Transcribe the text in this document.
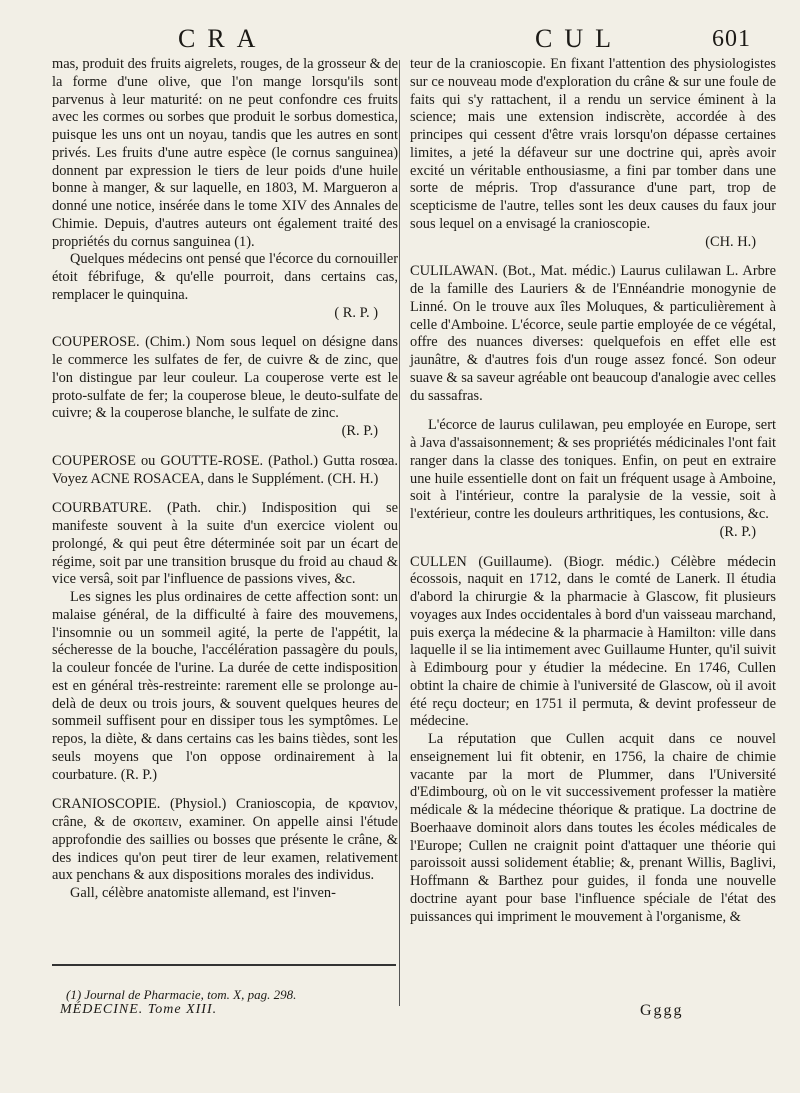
CRA	CUL	601

mas, produit des fruits aigrelets, rouges, de la grosseur & de la forme d'une olive, que l'on mange lorsqu'ils sont parvenus à leur maturité: on ne peut confondre ces fruits avec les cormes ou sorbes que produit le sorbus domestica, puisque les uns ont un noyau, tandis que les autres en sont privés. Les fruits d'une autre espèce (le cornus sanguinea) donnent par expression le tiers de leur poids d'une huile bonne à manger, & sur laquelle, en 1803, M. Margueron a donné une notice, insérée dans le tome XIV des Annales de Chimie. Depuis, d'autres auteurs ont également traité des propriétés du cornus sanguinea (1).

Quelques médecins ont pensé que l'écorce du cornouiller étoit fébrifuge, & qu'elle pourroit, dans certains cas, remplacer le quinquina.

( R. P. )

COUPEROSE. (Chim.) Nom sous lequel on désigne dans le commerce les sulfates de fer, de cuivre & de zinc, que l'on distingue par leur couleur. La couperose verte est le proto-sulfate de fer; la couperose bleue, le deuto-sulfate de cuivre; & la couperose blanche, le sulfate de zinc.

(R. P.)

COUPEROSE ou GOUTTE-ROSE. (Pathol.) Gutta rosœa. Voyez ACNE ROSACEA, dans le Supplément. (CH. H.)

COURBATURE. (Path. chir.) Indisposition qui se manifeste souvent à la suite d'un exercice violent ou prolongé, & qui peut être déterminée soit par un écart de régime, soit par une transition brusque du froid au chaud & vice versâ, soit par l'influence de passions vives, &c.

Les signes les plus ordinaires de cette affection sont: un malaise général, de la difficulté à faire des mouvemens, l'insomnie ou un sommeil agité, la perte de l'appétit, la sécheresse de la bouche, l'accélération passagère du pouls, la couleur foncée de l'urine. La durée de cette indisposition est en général très-restreinte: rarement elle se prolonge au-delà de deux ou trois jours, & souvent quelques heures de sommeil suffisent pour en dissiper tous les symptômes. Le repos, la diète, & dans certains cas les bains tièdes, sont les seuls moyens que l'on oppose ordinairement à la courbature. (R. P.)

CRANIOSCOPIE. (Physiol.) Cranioscopia, de κρανιον, crâne, & de σκοπειν, examiner. On appelle ainsi l'étude approfondie des saillies ou bosses que présente le crâne, & des indices qu'on peut tirer de leur examen, relativement aux penchans & aux dispositions morales des individus.

Gall, célèbre anatomiste allemand, est l'inven-

teur de la cranioscopie. En fixant l'attention des physiologistes sur ce nouveau mode d'exploration du crâne & sur une foule de faits qui s'y rattachent, il a rendu un service éminent à la science; mais une extension indiscrète, accordée à des principes qui cessent d'être vrais lorsqu'on dépasse certaines limites, a jeté la défaveur sur une doctrine qui, après avoir excité un véritable enthousiasme, a fini par tomber dans une sorte de mépris. Trop d'assurance d'une part, trop de scepticisme de l'autre, telles sont les deux causes du faux jour sous lequel on a envisagé la cranioscopie.

(CH. H.)

CULILAWAN. (Bot., Mat. médic.) Laurus culilawan L. Arbre de la famille des Lauriers & de l'Ennéandrie monogynie de Linné. On le trouve aux îles Moluques, & particulièrement à celle d'Amboine. L'écorce, seule partie employée de ce végétal, offre des nuances diverses: quelquefois en effet elle est jaunâtre, & d'autres fois d'un rouge assez foncé. Son odeur suave & sa saveur agréable ont beaucoup d'analogie avec celles du sassafras.

L'écorce de laurus culilawan, peu employée en Europe, sert à Java d'assaisonnement; & ses propriétés médicinales l'ont fait ranger dans la classe des toniques. Enfin, on peut en extraire une huile essentielle dont on fait un fréquent usage à Amboine, soit à l'intérieur, contre la paralysie de la vessie, soit à l'extérieur, contre les douleurs arthritiques, les contusions, &c.

(R. P.)

CULLEN (Guillaume). (Biogr. médic.) Célèbre médecin écossois, naquit en 1712, dans le comté de Lanerk. Il étudia d'abord la chirurgie & la pharmacie à Glascow, fit plusieurs voyages aux Indes occidentales à bord d'un vaisseau marchand, puis exerça la médecine & la pharmacie à Hamilton: ville dans laquelle il se lia intimement avec Guillaume Hunter, qu'il suivit à Edimbourg pour y étudier la médecine. En 1746, Cullen obtint la chaire de chimie à l'université de Glascow, où il avoit été reçu docteur; en 1751 il permuta, & devint professeur de médecine.

La réputation que Cullen acquit dans ce nouvel enseignement lui fit obtenir, en 1756, la chaire de chimie vacante par la mort de Plummer, dans l'Université d'Edimbourg, où on le vit successivement professer la matière médicale & la médecine théorique & pratique. La doctrine de Boerhaave dominoit alors dans toutes les écoles médicales de l'Europe; Cullen ne craignit point d'attaquer une théorie qui paroissoit aussi solidement établie; &, prenant Willis, Baglivi, Hoffmann & Barthez pour guides, il fonda une nouvelle doctrine ayant pour base l'influence spéciale de l'état des puissances qui impriment le mouvement à l'organisme, &

(1) Journal de Pharmacie, tom. X, pag. 298.
MÉDECINE. Tome XIII.	Gggg
